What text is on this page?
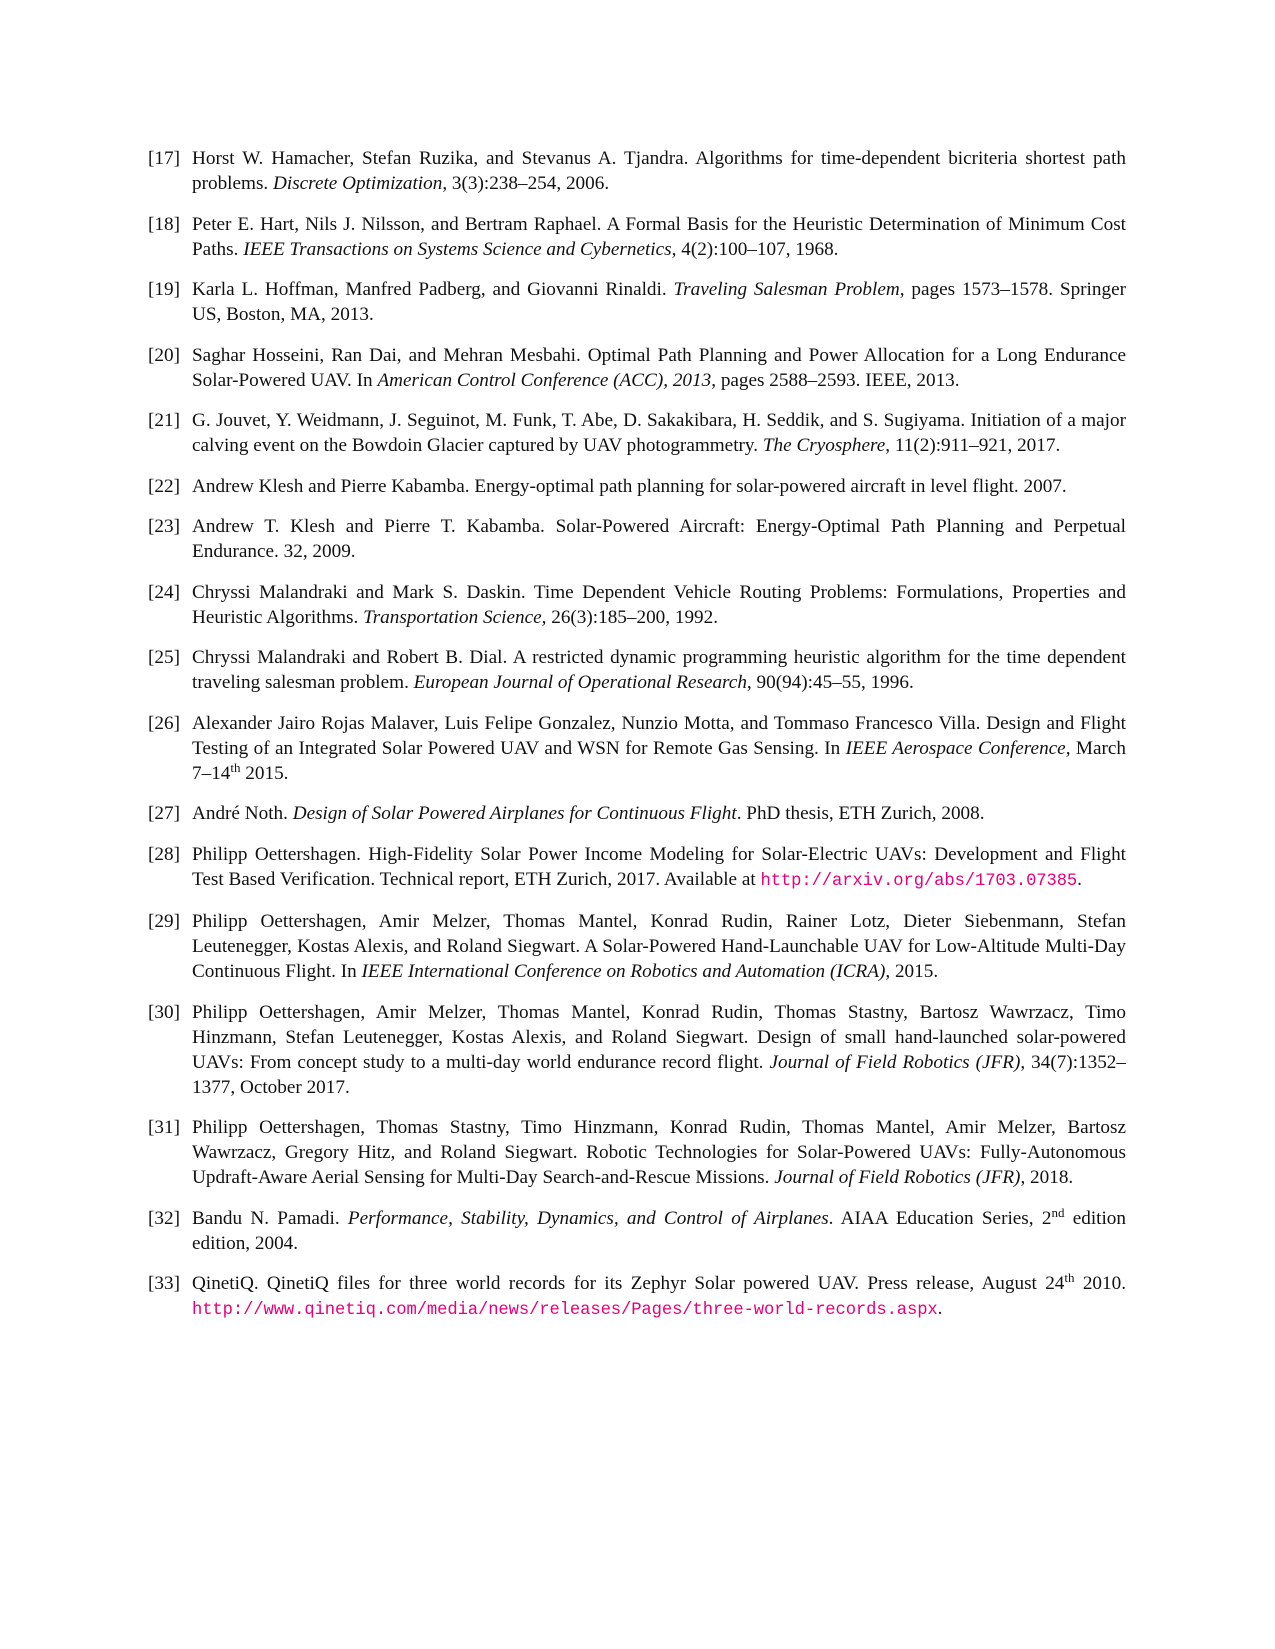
[17] Horst W. Hamacher, Stefan Ruzika, and Stevanus A. Tjandra. Algorithms for time-dependent bicriteria shortest path problems. Discrete Optimization, 3(3):238–254, 2006.
[18] Peter E. Hart, Nils J. Nilsson, and Bertram Raphael. A Formal Basis for the Heuristic Determination of Minimum Cost Paths. IEEE Transactions on Systems Science and Cybernetics, 4(2):100–107, 1968.
[19] Karla L. Hoffman, Manfred Padberg, and Giovanni Rinaldi. Traveling Salesman Problem, pages 1573–1578. Springer US, Boston, MA, 2013.
[20] Saghar Hosseini, Ran Dai, and Mehran Mesbahi. Optimal Path Planning and Power Allocation for a Long Endurance Solar-Powered UAV. In American Control Conference (ACC), 2013, pages 2588–2593. IEEE, 2013.
[21] G. Jouvet, Y. Weidmann, J. Seguinot, M. Funk, T. Abe, D. Sakakibara, H. Seddik, and S. Sugiyama. Initiation of a major calving event on the Bowdoin Glacier captured by UAV photogrammetry. The Cryosphere, 11(2):911–921, 2017.
[22] Andrew Klesh and Pierre Kabamba. Energy-optimal path planning for solar-powered aircraft in level flight. 2007.
[23] Andrew T. Klesh and Pierre T. Kabamba. Solar-Powered Aircraft: Energy-Optimal Path Planning and Perpetual Endurance. 32, 2009.
[24] Chryssi Malandraki and Mark S. Daskin. Time Dependent Vehicle Routing Problems: Formulations, Properties and Heuristic Algorithms. Transportation Science, 26(3):185–200, 1992.
[25] Chryssi Malandraki and Robert B. Dial. A restricted dynamic programming heuristic algorithm for the time dependent traveling salesman problem. European Journal of Operational Research, 90(94):45–55, 1996.
[26] Alexander Jairo Rojas Malaver, Luis Felipe Gonzalez, Nunzio Motta, and Tommaso Francesco Villa. Design and Flight Testing of an Integrated Solar Powered UAV and WSN for Remote Gas Sensing. In IEEE Aerospace Conference, March 7–14th 2015.
[27] André Noth. Design of Solar Powered Airplanes for Continuous Flight. PhD thesis, ETH Zurich, 2008.
[28] Philipp Oettershagen. High-Fidelity Solar Power Income Modeling for Solar-Electric UAVs: Development and Flight Test Based Verification. Technical report, ETH Zurich, 2017. Available at http://arxiv.org/abs/1703.07385.
[29] Philipp Oettershagen, Amir Melzer, Thomas Mantel, Konrad Rudin, Rainer Lotz, Dieter Siebenmann, Stefan Leutenegger, Kostas Alexis, and Roland Siegwart. A Solar-Powered Hand-Launchable UAV for Low-Altitude Multi-Day Continuous Flight. In IEEE International Conference on Robotics and Automation (ICRA), 2015.
[30] Philipp Oettershagen, Amir Melzer, Thomas Mantel, Konrad Rudin, Thomas Stastny, Bartosz Wawrzacz, Timo Hinzmann, Stefan Leutenegger, Kostas Alexis, and Roland Siegwart. Design of small hand-launched solar-powered UAVs: From concept study to a multi-day world endurance record flight. Journal of Field Robotics (JFR), 34(7):1352–1377, October 2017.
[31] Philipp Oettershagen, Thomas Stastny, Timo Hinzmann, Konrad Rudin, Thomas Mantel, Amir Melzer, Bartosz Wawrzacz, Gregory Hitz, and Roland Siegwart. Robotic Technologies for Solar-Powered UAVs: Fully-Autonomous Updraft-Aware Aerial Sensing for Multi-Day Search-and-Rescue Missions. Journal of Field Robotics (JFR), 2018.
[32] Bandu N. Pamadi. Performance, Stability, Dynamics, and Control of Airplanes. AIAA Education Series, 2nd edition edition, 2004.
[33] QinetiQ. QinetiQ files for three world records for its Zephyr Solar powered UAV. Press release, August 24th 2010. http://www.qinetiq.com/media/news/releases/Pages/three-world-records.aspx.
